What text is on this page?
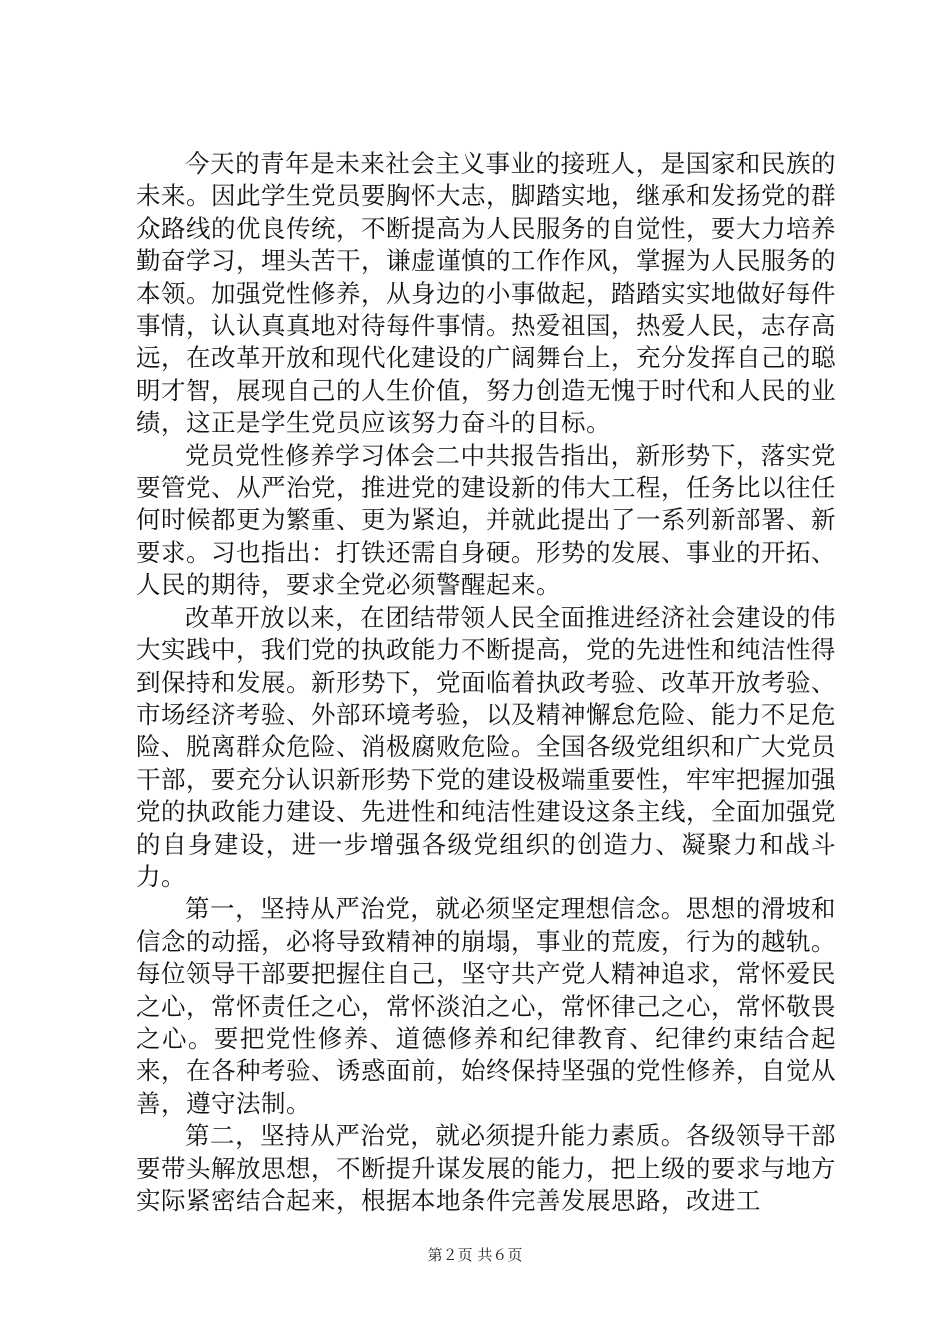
今天的青年是未来社会主义事业的接班人，是国家和民族的未来。因此学生党员要胸怀大志，脚踏实地，继承和发扬党的群众路线的优良传统，不断提高为人民服务的自觉性，要大力培养勤奋学习，埋头苦干，谦虚谨慎的工作作风，掌握为人民服务的本领。加强党性修养，从身边的小事做起，踏踏实实地做好每件事情，认认真真地对待每件事情。热爱祖国，热爱人民，志存高远，在改革开放和现代化建设的广阔舞台上，充分发挥自己的聪明才智，展现自己的人生价值，努力创造无愧于时代和人民的业绩，这正是学生党员应该努力奋斗的目标。

党员党性修养学习体会二中共报告指出，新形势下，落实党要管党、从严治党，推进党的建设新的伟大工程，任务比以往任何时候都更为繁重、更为紧迫，并就此提出了一系列新部署、新要求。习也指出：打铁还需自身硬。形势的发展、事业的开拓、人民的期待，要求全党必须警醒起来。

改革开放以来，在团结带领人民全面推进经济社会建设的伟大实践中，我们党的执政能力不断提高，党的先进性和纯洁性得到保持和发展。新形势下，党面临着执政考验、改革开放考验、市场经济考验、外部环境考验，以及精神懈怠危险、能力不足危险、脱离群众危险、消极腐败危险。全国各级党组织和广大党员干部，要充分认识新形势下党的建设极端重要性，牢牢把握加强党的执政能力建设、先进性和纯洁性建设这条主线，全面加强党的自身建设，进一步增强各级党组织的创造力、凝聚力和战斗力。

第一，坚持从严治党，就必须坚定理想信念。思想的滑坡和信念的动摇，必将导致精神的崩塌，事业的荒废，行为的越轨。每位领导干部要把握住自己，坚守共产党人精神追求，常怀爱民之心，常怀责任之心，常怀淡泊之心，常怀律己之心，常怀敬畏之心。要把党性修养、道德修养和纪律教育、纪律约束结合起来，在各种考验、诱惑面前，始终保持坚强的党性修养，自觉从善，遵守法制。

第二，坚持从严治党，就必须提升能力素质。各级领导干部要带头解放思想，不断提升谋发展的能力，把上级的要求与地方实际紧密结合起来，根据本地条件完善发展思路，改进工

第２页 共６页
